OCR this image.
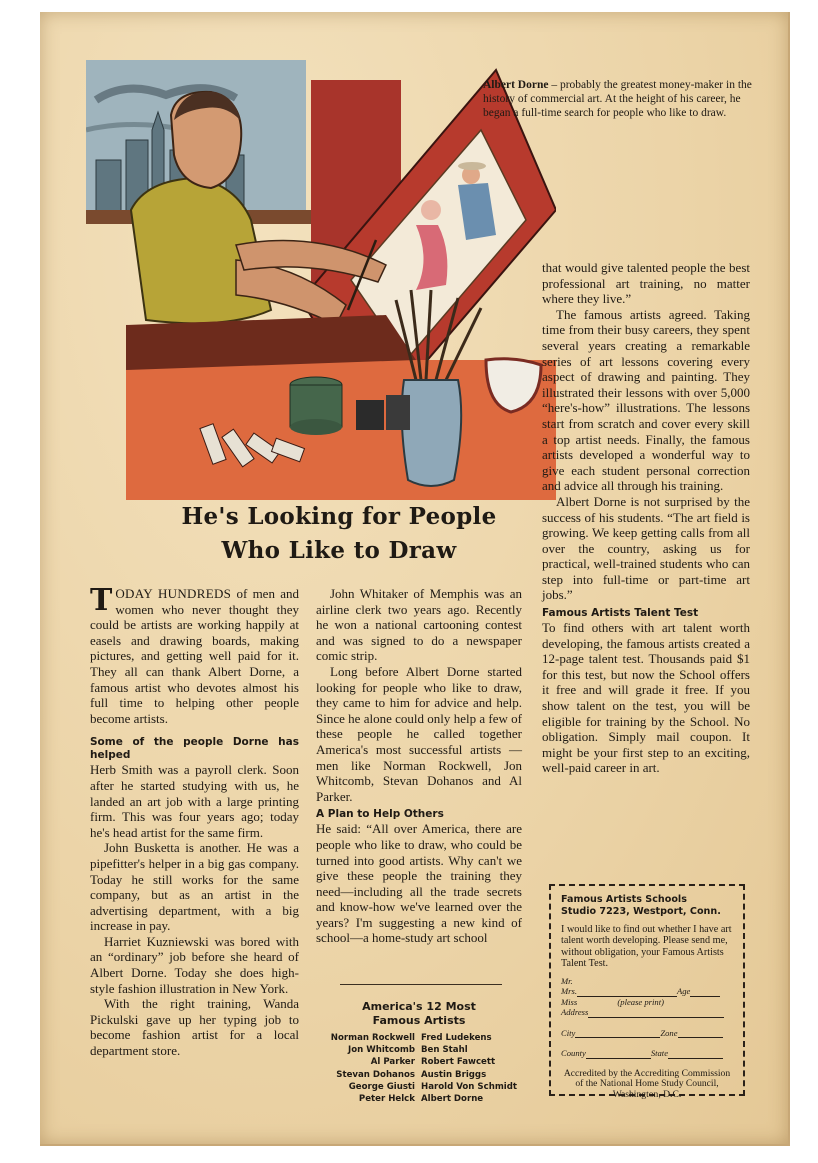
Albert Dorne – probably the greatest money-maker in the history of commercial art. At the height of his career, he began a full-time search for people who like to draw.
He's Looking for People
Who Like to Draw

TODAY HUNDREDS of men and women who never thought they could be artists are working happily at easels and drawing boards, making pictures, and getting well paid for it. They all can thank Albert Dorne, a famous artist who devotes almost his full time to helping other people become artists.

Some of the people Dorne has helped

Herb Smith was a payroll clerk. Soon after he started studying with us, he landed an art job with a large printing firm. This was four years ago; today he's head artist for the same firm.

John Busketta is another. He was a pipefitter's helper in a big gas company. Today he still works for the same company, but as an artist in the advertising department, with a big increase in pay.

Harriet Kuzniewski was bored with an “ordinary” job before she heard of Albert Dorne. Today she does high-style fashion illustration in New York.

With the right training, Wanda Pickulski gave up her typing job to become fashion artist for a local department store.

John Whitaker of Memphis was an airline clerk two years ago. Recently he won a national cartooning contest and was signed to do a newspaper comic strip.

Long before Albert Dorne started looking for people who like to draw, they came to him for advice and help. Since he alone could only help a few of these people he called together America's most successful artists —men like Norman Rockwell, Jon Whitcomb, Stevan Dohanos and Al Parker.

A Plan to Help Others

He said: “All over America, there are people who like to draw, who could be turned into good artists. Why can't we give these people the training they need—including all the trade secrets and know-how we've learned over the years? I'm suggesting a new kind of school—a home-study art school

America's 12 Most
Famous Artists
Norman Rockwell Fred Ludekens
Jon Whitcomb Ben Stahl
Al Parker Robert Fawcett
Stevan Dohanos Austin Briggs
George Giusti Harold Von Schmidt
Peter Helck Albert Dorne

that would give talented people the best professional art training, no matter where they live.”

The famous artists agreed. Taking time from their busy careers, they spent several years creating a remarkable series of art lessons covering every aspect of drawing and painting. They illustrated their lessons with over 5,000 “here's-how” illustrations. The lessons start from scratch and cover every skill a top artist needs. Finally, the famous artists developed a wonderful way to give each student personal correction and advice all through his training.

Albert Dorne is not surprised by the success of his students. “The art field is growing. We keep getting calls from all over the country, asking us for practical, well-trained students who can step into full-time or part-time art jobs.”

Famous Artists Talent Test

To find others with art talent worth developing, the famous artists created a 12-page talent test. Thousands paid $1 for this test, but now the School offers it free and will grade it free. If you show talent on the test, you will be eligible for training by the School. No obligation. Simply mail coupon. It might be your first step to an exciting, well-paid career in art.

Famous Artists Schools
Studio 7223, Westport, Conn.
I would like to find out whether I have art talent worth developing. Please send me, without obligation, your Famous Artists Talent Test.
Mr.
Mrs.	Age
Miss	(please print)
Address
City	Zone
County	State
Accredited by the Accrediting Commission of the National Home Study Council, Washington, D.C.
